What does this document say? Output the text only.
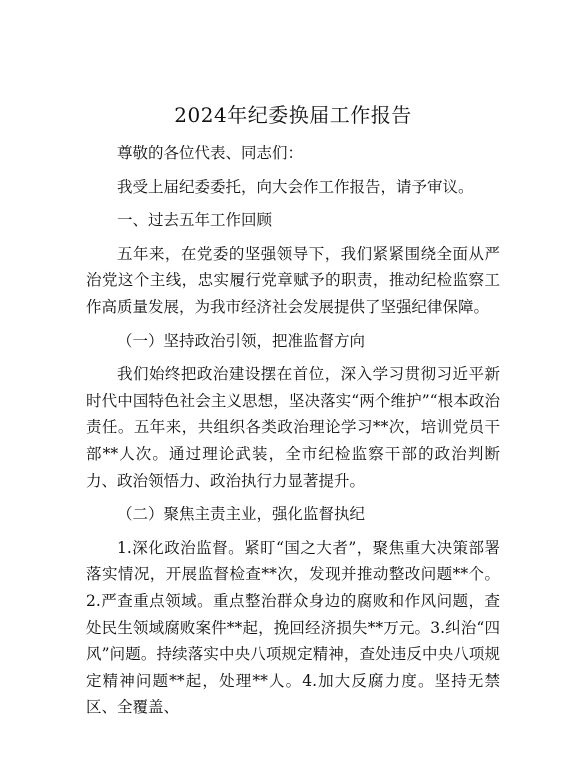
2024年纪委换届工作报告

尊敬的各位代表、同志们：

我受上届纪委委托，向大会作工作报告，请予审议。

一、过去五年工作回顾

五年来，在党委的坚强领导下，我们紧紧围绕全面从严治党这个主线，忠实履行党章赋予的职责，推动纪检监察工作高质量发展，为我市经济社会发展提供了坚强纪律保障。

（一）坚持政治引领，把准监督方向

我们始终把政治建设摆在首位，深入学习贯彻习近平新时代中国特色社会主义思想，坚决落实“两个维护”“根本政治责任。五年来，共组织各类政治理论学习**次，培训党员干部**人次。通过理论武装，全市纪检监察干部的政治判断力、政治领悟力、政治执行力显著提升。

（二）聚焦主责主业，强化监督执纪

1.深化政治监督。紧盯“国之大者”，聚焦重大决策部署落实情况，开展监督检查**次，发现并推动整改问题**个。2.严查重点领域。重点整治群众身边的腐败和作风问题，查处民生领域腐败案件**起，挽回经济损失**万元。3.纠治“四风”问题。持续落实中央八项规定精神，查处违反中央八项规定精神问题**起，处理**人。4.加大反腐力度。坚持无禁区、全覆盖、
